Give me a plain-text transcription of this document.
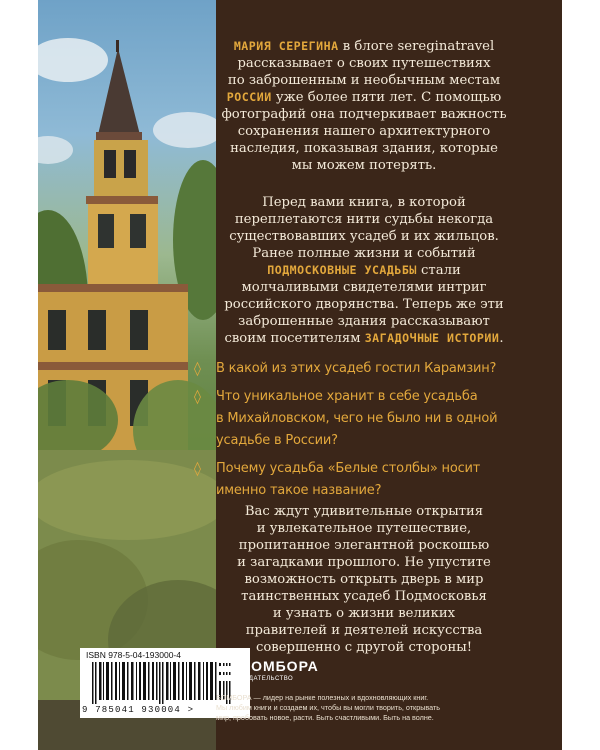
МАРИЯ СЕРЕГИНА в блоге sereginatravel

рассказывает о своих путешествиях

по заброшенным и необычным местам

РОССИИ уже более пяти лет. С помощью

фотографий она подчеркивает важность

сохранения нашего архитектурного

наследия, показывая здания, которые

мы можем потерять.

Перед вами книга, в которой

переплетаются нити судьбы некогда

существовавших усадеб и их жильцов.

Ранее полные жизни и событий

ПОДМОСКОВНЫЕ УСАДЬБЫ стали

молчаливыми свидетелями интриг

российского дворянства. Теперь же эти

заброшенные здания рассказывают

своим посетителям ЗАГАДОЧНЫЕ ИСТОРИИ.

◊	В какой из этих усадеб гостил Карамзин?
◊	Что уникальное хранит в себе усадьба
в Михайловском, чего не было ни в одной
усадьбе в России?
◊	Почему усадьба «Белые столбы» носит
именно такое название?

Вас ждут удивительные открытия
и увлекательное путешествие,
пропитанное элегантной роскошью
и загадками прошлого. Не упустите
возможность открыть дверь в мир
таинственных усадеб Подмосковья
и узнать о жизни великих
правителей и деятелей искусства
совершенно с другой стороны!

ISBN 978-5-04-193000-4
9 785041 930004 >
БОМБОРА
ИЗДАТЕЛЬСТВО
БОМБОРА — лидер на рынке полезных и вдохновляющих книг.
Мы любим книги и создаем их, чтобы вы могли творить, открывать
мир, пробовать новое, расти. Быть счастливыми. Быть на волне.
